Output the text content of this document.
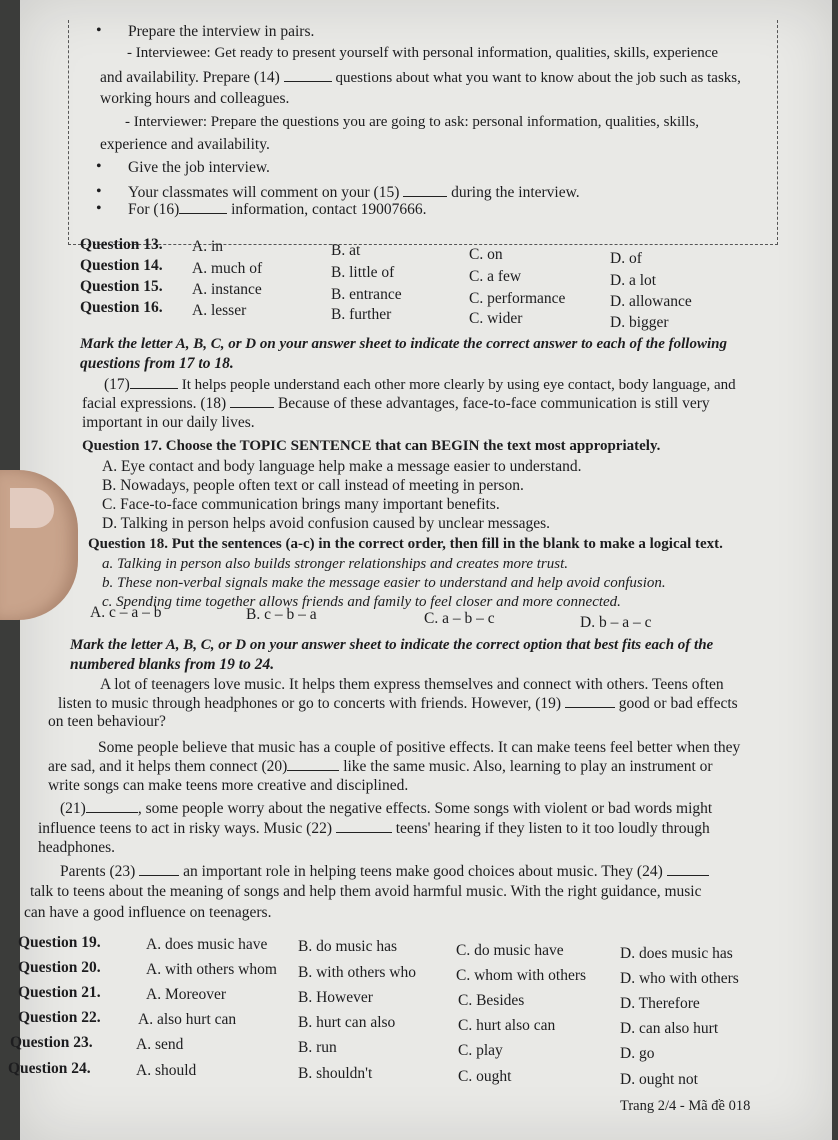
• Prepare the interview in pairs.
- Interviewee: Get ready to present yourself with personal information, qualities, skills, experience
and availability. Prepare (14)	questions about what you want to know about the job such as tasks,
working hours and colleagues.
- Interviewer: Prepare the questions you are going to ask: personal information, qualities, skills,
experience and availability.
• Give the job interview.
• Your classmates will comment on your (15)	during the interview.
• For (16)	information, contact 19007666.
Question 13. A. in	B. at	C. on	D. of
Question 14. A. much of	B. little of	C. a few	D. a lot
Question 15. A. instance	B. entrance	C. performance	D. allowance
Question 16. A. lesser	B. further	C. wider	D. bigger
Mark the letter A, B, C, or D on your answer sheet to indicate the correct answer to each of the following
questions from 17 to 18.
(17)	It helps people understand each other more clearly by using eye contact, body language, and
facial expressions. (18)	Because of these advantages, face-to-face communication is still very
important in our daily lives.
Question 17. Choose the TOPIC SENTENCE that can BEGIN the text most appropriately.
A. Eye contact and body language help make a message easier to understand.
B. Nowadays, people often text or call instead of meeting in person.
C. Face-to-face communication brings many important benefits.
D. Talking in person helps avoid confusion caused by unclear messages.
Question 18. Put the sentences (a-c) in the correct order, then fill in the blank to make a logical text.
a. Talking in person also builds stronger relationships and creates more trust.
b. These non-verbal signals make the message easier to understand and help avoid confusion.
c. Spending time together allows friends and family to feel closer and more connected.
A. c – a – b	B. c – b – a	C. a – b – c	D. b – a – c
Mark the letter A, B, C, or D on your answer sheet to indicate the correct option that best fits each of the
numbered blanks from 19 to 24.
A lot of teenagers love music. It helps them express themselves and connect with others. Teens often
listen to music through headphones or go to concerts with friends. However, (19)	good or bad effects
on teen behaviour?
Some people believe that music has a couple of positive effects. It can make teens feel better when they
are sad, and it helps them connect (20)	like the same music. Also, learning to play an instrument or
write songs can make teens more creative and disciplined.
(21)	, some people worry about the negative effects. Some songs with violent or bad words might
influence teens to act in risky ways. Music (22)	teens' hearing if they listen to it too loudly through
headphones.
Parents (23)	an important role in helping teens make good choices about music. They (24)
talk to teens about the meaning of songs and help them avoid harmful music. With the right guidance, music
can have a good influence on teenagers.
Question 19.	A. does music have B. do music has	C. do music have	D. does music has
Question 20.	A. with others whom B. with others who	C. whom with others D. who with others
Question 21.	A. Moreover	B. However	C. Besides	D. Therefore
Question 22. A. also hurt can	B. hurt can also	C. hurt also can	D. can also hurt
Question 23.	A. send	B. run	C. play	D. go
Question 24.	A. should	B. shouldn't	C. ought	D. ought not
Trang 2/4 - Mã đề 018
